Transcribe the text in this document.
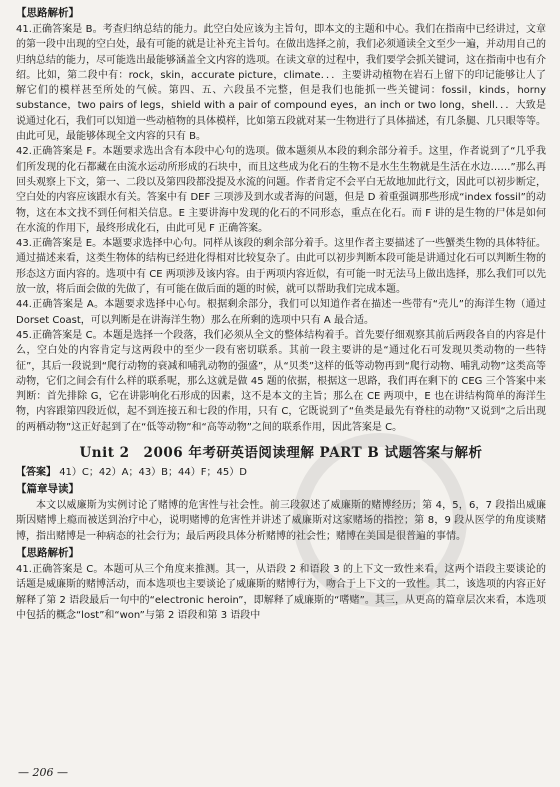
【思路解析】

41.正确答案是 B。考查归纳总结的能力。此空白处应该为主旨句，即本文的主题和中心。我们在指南中已经讲过，文章的第一段中出现的空白处，最有可能的就是让补充主旨句。在做出选择之前，我们必须通读全文至少一遍，并动用自己的归纳总结的能力，尽可能选出最能够涵盖全文内容的选项。在读文章的过程中，我们要学会抓关键词，这在指南中也有介绍。比如，第二段中有：rock，skin，accurate picture，climate．．．主要讲动植物在岩石上留下的印记能够让人了解它们的模样甚至所处的气候。第四、五、六段虽不完整，但是我们也能抓一些关键词：fossil，kinds，horny substance，two pairs of legs，shield with a pair of compound eyes，an inch or two long，shell．．．大致是说通过化石，我们可以知道一些动植物的具体模样，比如第五段就对某一生物进行了具体描述，有几条腿、几只眼等等。由此可见，最能够体现全文内容的只有 B。

42.正确答案是 F。本题要求选出含有本段中心句的选项。做本题须从本段的剩余部分着手。这里，作者说到了“几乎我们所发现的化石都藏在由流水运动所形成的石块中，而且这些成为化石的生物不是水生生物就是生活在水边……”那么再回头观察上下文，第一、二段以及第四段都没提及水流的问题。作者肯定不会平白无故地加此行文，因此可以初步断定，空白处的内容应该跟水有关。答案中有 DEF 三项涉及到水或者海的问题，但是 D 着重强调那些形成“index fossil”的动物，这在本文找不到任何相关信息。E 主要讲海中发现的化石的不同形态，重点在化石。而 F 讲的是生物的尸体是如何在水流的作用下，最终形成化石，由此可见 F 正确答案。

43.正确答案是 E。本题要求选择中心句。同样从该段的剩余部分着手。这里作者主要描述了一些蟹类生物的具体特征。通过描述来看，这类生物体的结构已经进化得相对比较复杂了。由此可以初步判断本段可能是讲通过化石可以判断生物的形态这方面内容的。选项中有 CE 两项涉及该内容。由于两项内容近似，有可能一时无法马上做出选择，那么我们可以先放一放，将后面会做的先做了，有可能在做后面的题的时候，就可以帮助我们完成本题。

44.正确答案是 A。本题要求选择中心句。根据剩余部分，我们可以知道作者在描述一些带有“壳儿”的海洋生物（通过 Dorset Coast，可以判断是在讲海洋生物）那么在所剩的选项中只有 A 最合适。

45.正确答案是 C。本题是选择一个段落，我们必须从全文的整体结构着手。首先要仔细观察其前后两段各自的内容是什么，空白处的内容肯定与这两段中的至少一段有密切联系。其前一段主要讲的是“通过化石可发现贝类动物的一些特征”，其后一段说到“爬行动物的衰减和哺乳动物的强盛”，从“贝类”这样的低等动物再到“爬行动物、哺乳动物”这类高等动物，它们之间会有什么样的联系呢，那么这就是做 45 题的依据，根据这一思路，我们再在剩下的 CEG 三个答案中来判断：首先排除 G，它在讲影响化石形成的因素，这不是本文的主旨；那么在 CE 两项中，E 也在讲结构简单的海洋生物，内容跟第四段近似，起不到连接五和七段的作用，只有 C，它既说到了“鱼类是最先有脊柱的动物”又说到“之后出现的两栖动物”这正好起到了在“低等动物”和“高等动物”之间的联系作用，因此答案是 C。

Unit 2　2006 年考研英语阅读理解 PART B 试题答案与解析

【答案】 41）C；42）A；43）B；44）F；45）D

【篇章导读】

本文以威廉斯为实例讨论了赌博的危害性与社会性。前三段叙述了威廉斯的赌博经历；第 4，5，6，7 段指出威廉斯因赌博上瘾而被送到治疗中心，说明赌博的危害性并讲述了威廉斯对这家赌场的指控；第 8，9 段从医学的角度谈赌博，指出赌博是一种病态的社会行为；最后两段具体分析赌博的社会性；赌博在美国是很普遍的事情。

【思路解析】

41.正确答案是 C。本题可从三个角度来推测。其一，从语段 2 和语段 3 的上下文一致性来看，这两个语段主要谈论的话题是威廉斯的赌博活动，而本选项也主要谈论了威廉斯的赌博行为，吻合于上下文的一致性。其二，该选项的内容正好解释了第 2 语段最后一句中的“electronic heroin”，即解释了威廉斯的“嗜赌”。其三，从更高的篇章层次来看，本选项中包括的概念“lost”和“won”与第 2 语段和第 3 语段中

— 206 —
